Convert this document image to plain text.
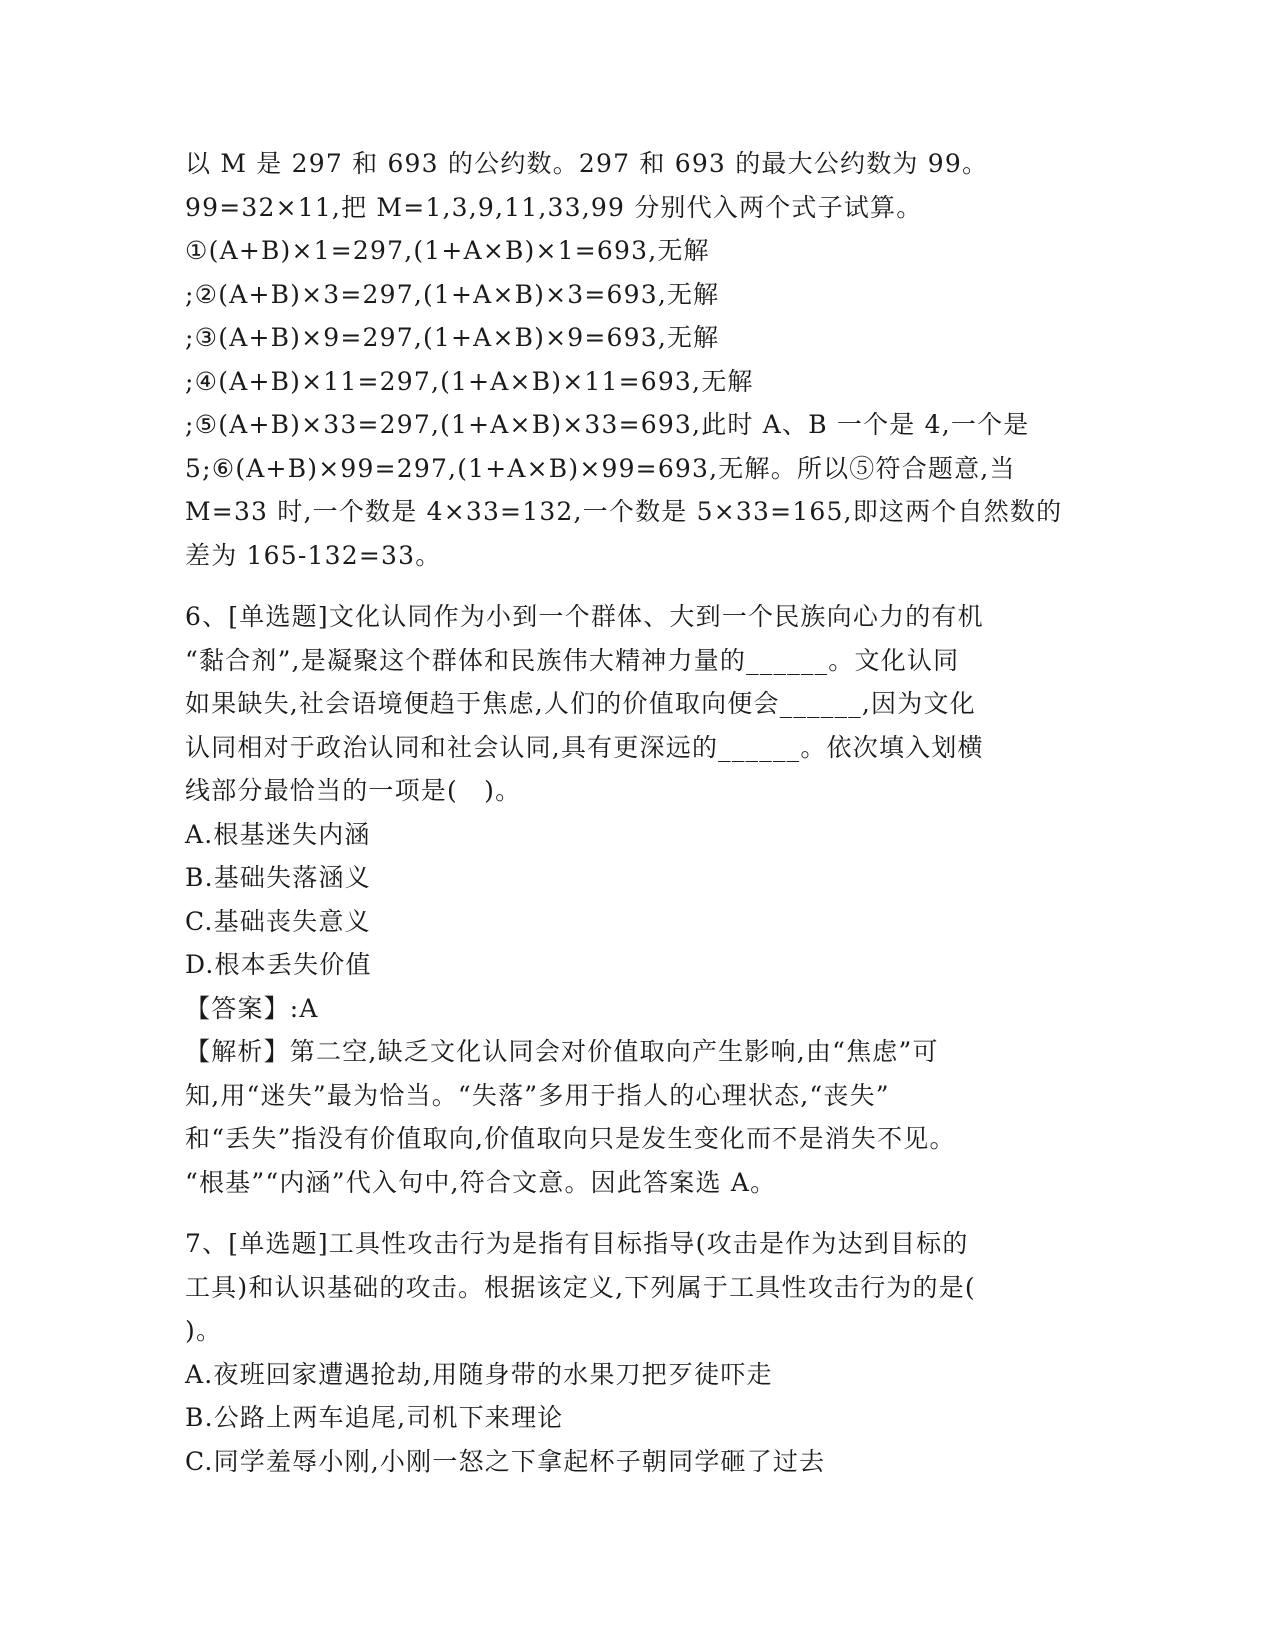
以 M 是 297 和 693 的公约数。297 和 693 的最大公约数为 99。
99=32×11,把 M=1,3,9,11,33,99 分别代入两个式子试算。
①(A+B)×1=297,(1+A×B)×1=693,无解
;②(A+B)×3=297,(1+A×B)×3=693,无解
;③(A+B)×9=297,(1+A×B)×9=693,无解
;④(A+B)×11=297,(1+A×B)×11=693,无解
;⑤(A+B)×33=297,(1+A×B)×33=693,此时 A、B 一个是 4,一个是
5;⑥(A+B)×99=297,(1+A×B)×99=693,无解。所以⑤符合题意,当
M=33 时,一个数是 4×33=132,一个数是 5×33=165,即这两个自然数的
差为 165-132=33。
6、[单选题]文化认同作为小到一个群体、大到一个民族向心力的有机
“黏合剂”,是凝聚这个群体和民族伟大精神力量的______。文化认同
如果缺失,社会语境便趋于焦虑,人们的价值取向便会______,因为文化
认同相对于政治认同和社会认同,具有更深远的______。依次填入划横
线部分最恰当的一项是(　)。
A.根基迷失内涵
B.基础失落涵义
C.基础丧失意义
D.根本丢失价值
【答案】:A
【解析】第二空,缺乏文化认同会对价值取向产生影响,由“焦虑”可
知,用“迷失”最为恰当。“失落”多用于指人的心理状态,“丧失”
和“丢失”指没有价值取向,价值取向只是发生变化而不是消失不见。
“根基”“内涵”代入句中,符合文意。因此答案选 A。
7、[单选题]工具性攻击行为是指有目标指导(攻击是作为达到目标的
工具)和认识基础的攻击。根据该定义,下列属于工具性攻击行为的是(
)。
A.夜班回家遭遇抢劫,用随身带的水果刀把歹徒吓走
B.公路上两车追尾,司机下来理论
C.同学羞辱小刚,小刚一怒之下拿起杯子朝同学砸了过去
